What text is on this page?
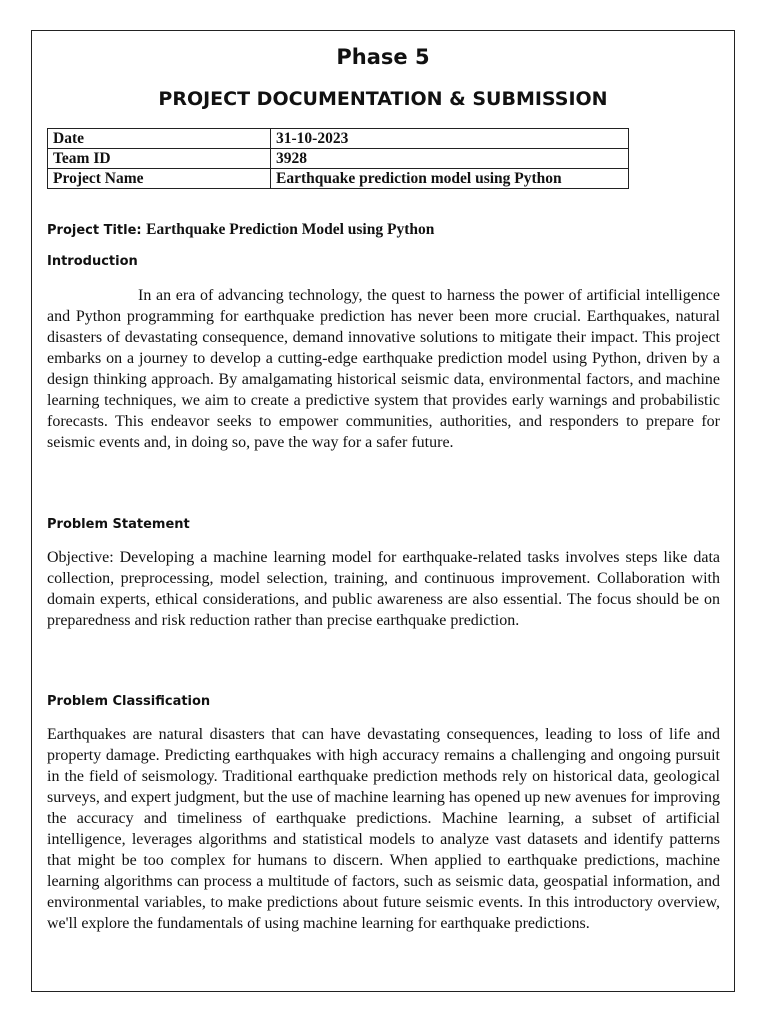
Phase 5
PROJECT DOCUMENTATION & SUBMISSION
Date	31-10-2023
Team ID	3928
Project Name	Earthquake prediction model using Python

Project Title: Earthquake Prediction Model using Python

Introduction

In an era of advancing technology, the quest to harness the power of artificial intelligence and Python programming for earthquake prediction has never been more crucial. Earthquakes, natural disasters of devastating consequence, demand innovative solutions to mitigate their impact. This project embarks on a journey to develop a cutting-edge earthquake prediction model using Python, driven by a design thinking approach. By amalgamating historical seismic data, environmental factors, and machine learning techniques, we aim to create a predictive system that provides early warnings and probabilistic forecasts. This endeavor seeks to empower communities, authorities, and responders to prepare for seismic events and, in doing so, pave the way for a safer future.

Problem Statement

Objective: Developing a machine learning model for earthquake-related tasks involves steps like data collection, preprocessing, model selection, training, and continuous improvement. Collaboration with domain experts, ethical considerations, and public awareness are also essential. The focus should be on preparedness and risk reduction rather than precise earthquake prediction.

Problem Classification

Earthquakes are natural disasters that can have devastating consequences, leading to loss of life and property damage. Predicting earthquakes with high accuracy remains a challenging and ongoing pursuit in the field of seismology. Traditional earthquake prediction methods rely on historical data, geological surveys, and expert judgment, but the use of machine learning has opened up new avenues for improving the accuracy and timeliness of earthquake predictions. Machine learning, a subset of artificial intelligence, leverages algorithms and statistical models to analyze vast datasets and identify patterns that might be too complex for humans to discern. When applied to earthquake predictions, machine learning algorithms can process a multitude of factors, such as seismic data, geospatial information, and environmental variables, to make predictions about future seismic events. In this introductory overview, we'll explore the fundamentals of using machine learning for earthquake predictions.
